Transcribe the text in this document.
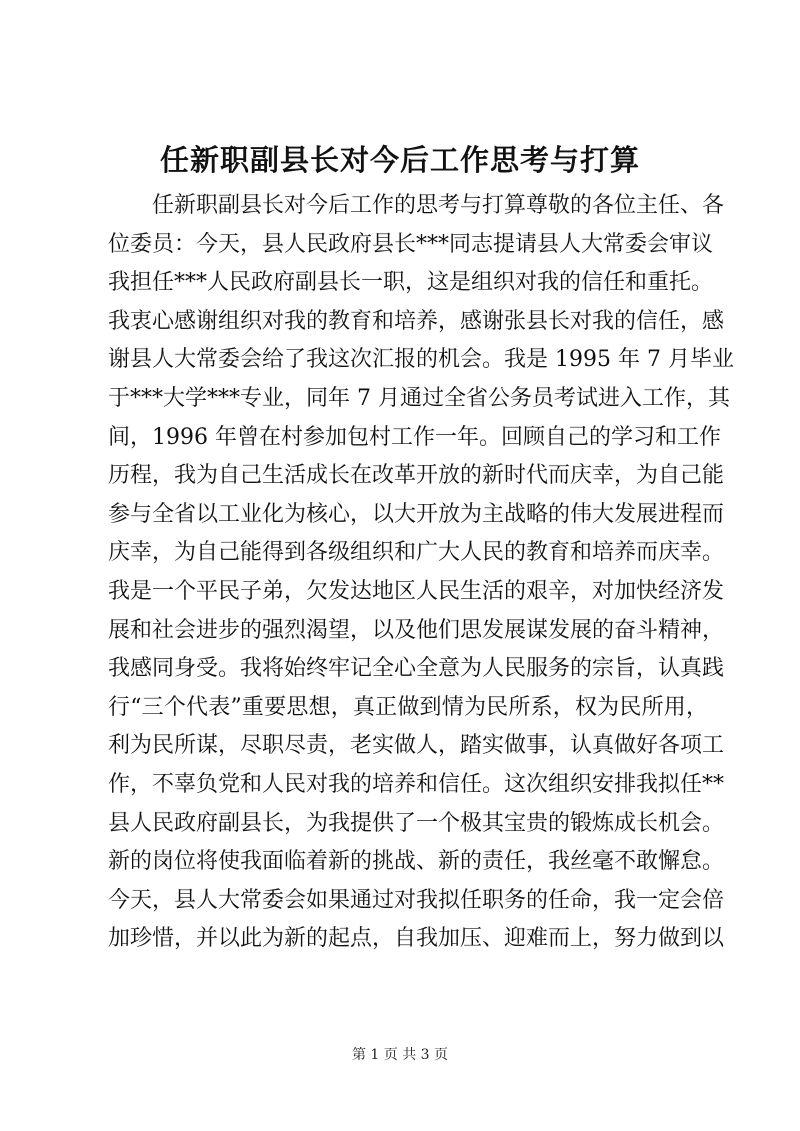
任新职副县长对今后工作思考与打算
任新职副县长对今后工作的思考与打算尊敬的各位主任、各
位委员：今天，县人民政府县长***同志提请县人大常委会审议
我担任***人民政府副县长一职，这是组织对我的信任和重托。
我衷心感谢组织对我的教育和培养，感谢张县长对我的信任，感
谢县人大常委会给了我这次汇报的机会。我是 1995 年 7 月毕业
于***大学***专业，同年 7 月通过全省公务员考试进入工作，其
间，1996 年曾在村参加包村工作一年。回顾自己的学习和工作
历程，我为自己生活成长在改革开放的新时代而庆幸，为自己能
参与全省以工业化为核心，以大开放为主战略的伟大发展进程而
庆幸，为自己能得到各级组织和广大人民的教育和培养而庆幸。
我是一个平民子弟，欠发达地区人民生活的艰辛，对加快经济发
展和社会进步的强烈渴望，以及他们思发展谋发展的奋斗精神，
我感同身受。我将始终牢记全心全意为人民服务的宗旨，认真践
行“三个代表”重要思想，真正做到情为民所系，权为民所用，
利为民所谋，尽职尽责，老实做人，踏实做事，认真做好各项工
作，不辜负党和人民对我的培养和信任。这次组织安排我拟任**
县人民政府副县长，为我提供了一个极其宝贵的锻炼成长机会。
新的岗位将使我面临着新的挑战、新的责任，我丝毫不敢懈怠。
今天，县人大常委会如果通过对我拟任职务的任命，我一定会倍
加珍惜，并以此为新的起点，自我加压、迎难而上，努力做到以
第 1 页 共 3 页
